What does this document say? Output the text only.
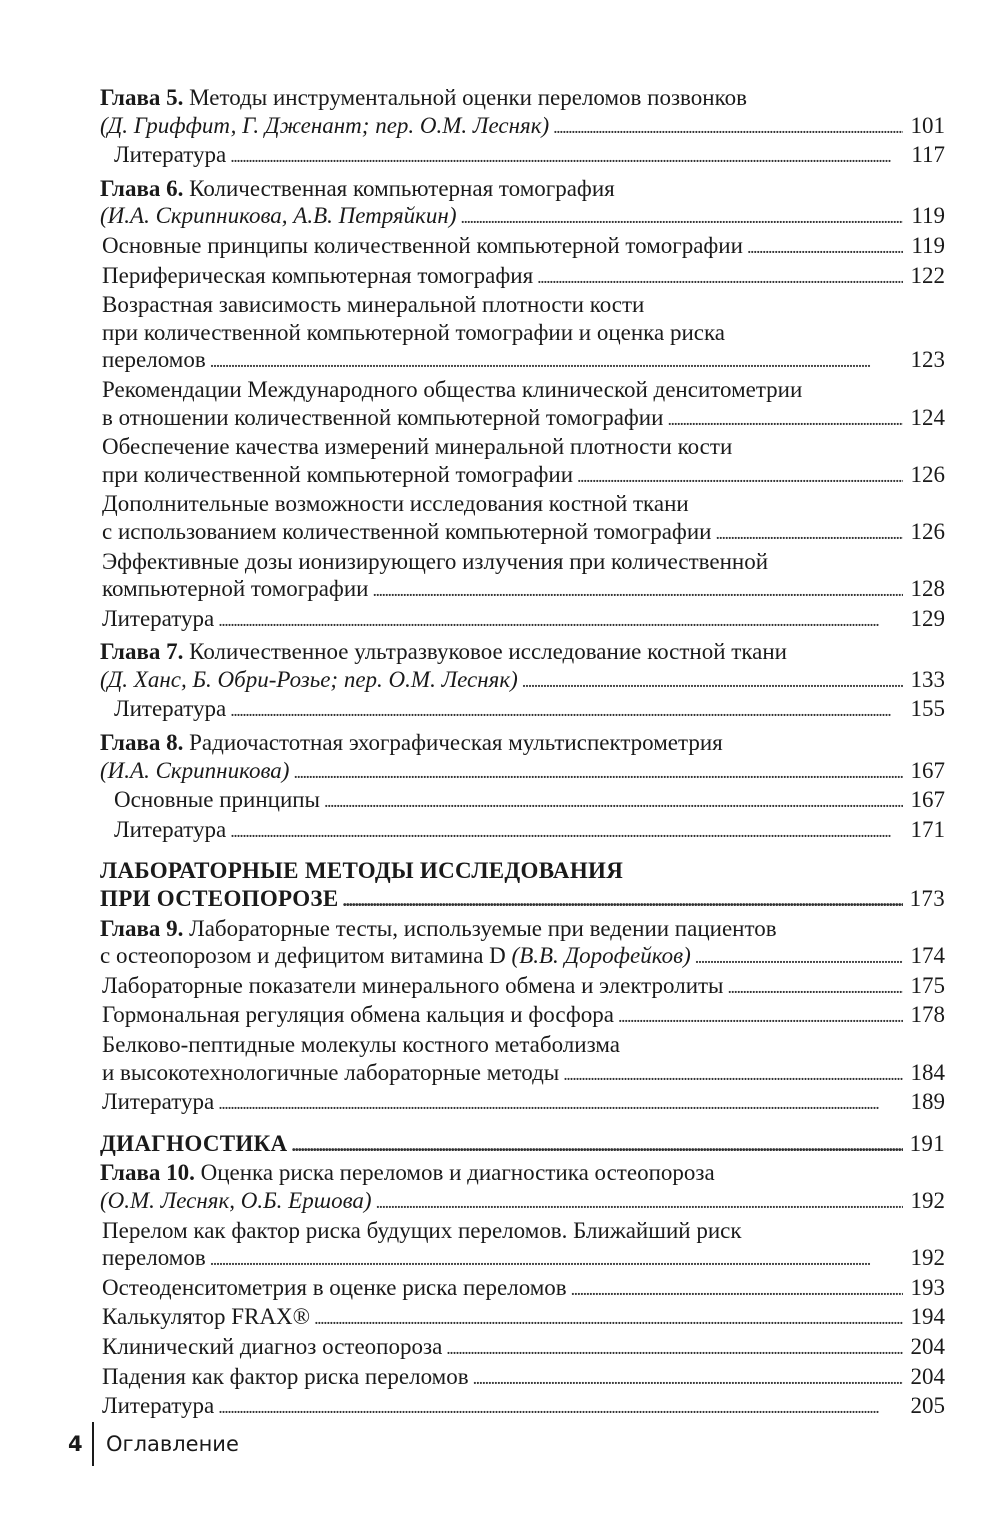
Глава 5. Методы инструментальной оценки переломов позвонков
(Д. Гриффит, Г. Дженант; пер. О.М. Лесняк) . . .	101
Литература . . .	117
Глава 6. Количественная компьютерная томография
(И.А. Скрипникова, А.В. Петряйкин) . . .	119
Основные принципы количественной компьютерной томографии . . .	119
Периферическая компьютерная томография . . .	122
Возрастная зависимость минеральной плотности кости
при количественной компьютерной томографии и оценка риска
переломов . . .	123
Рекомендации Международного общества клинической денситометрии
в отношении количественной компьютерной томографии . . .	124
Обеспечение качества измерений минеральной плотности кости
при количественной компьютерной томографии . . .	126
Дополнительные возможности исследования костной ткани
с использованием количественной компьютерной томографии . . .	126
Эффективные дозы ионизирующего излучения при количественной
компьютерной томографии . . .	128
Литература . . .	129
Глава 7. Количественное ультразвуковое исследование костной ткани
(Д. Ханс, Б. Обри-Розье; пер. О.М. Лесняк) . . .	133
Литература . . .	155
Глава 8. Радиочастотная эхографическая мультиспектрометрия
(И.А. Скрипникова) . . .	167
Основные принципы . . .	167
Литература . . .	171
ЛАБОРАТОРНЫЕ МЕТОДЫ ИССЛЕДОВАНИЯ
ПРИ ОСТЕОПОРОЗЕ . . .	173
Глава 9. Лабораторные тесты, используемые при ведении пациентов
с остеопорозом и дефицитом витамина D (В.В. Дорофейков) . . .	174
Лабораторные показатели минерального обмена и электролиты . . .	175
Гормональная регуляция обмена кальция и фосфора . . .	178
Белково-пептидные молекулы костного метаболизма
и высокотехнологичные лабораторные методы . . .	184
Литература . . .	189
ДИАГНОСТИКА . . .	191
Глава 10. Оценка риска переломов и диагностика остеопороза
(О.М. Лесняк, О.Б. Ершова) . . .	192
Перелом как фактор риска будущих переломов. Ближайший риск
переломов . . .	192
Остеоденситометрия в оценке риска переломов . . .	193
Калькулятор FRAX® . . .	194
Клинический диагноз остеопороза . . .	204
Падения как фактор риска переломов . . .	204
Литература . . .	205
4 Оглавление
